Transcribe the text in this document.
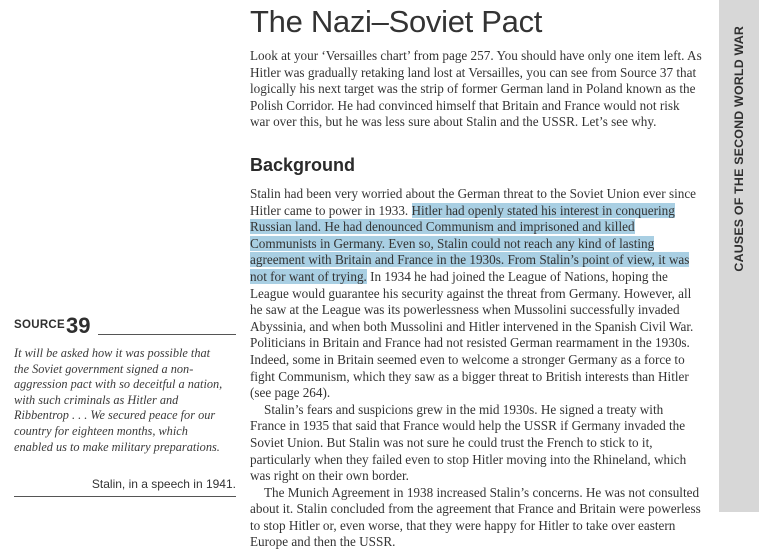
The Nazi–Soviet Pact
Look at your ‘Versailles chart’ from page 257. You should have only one item left. As Hitler was gradually retaking land lost at Versailles, you can see from Source 37 that logically his next target was the strip of former German land in Poland known as the Polish Corridor. He had convinced himself that Britain and France would not risk war over this, but he was less sure about Stalin and the USSR. Let’s see why.
Background

Stalin had been very worried about the German threat to the Soviet Union ever since Hitler came to power in 1933. Hitler had openly stated his interest in conquering Russian land. He had denounced Communism and imprisoned and killed Communists in Germany. Even so, Stalin could not reach any kind of lasting agreement with Britain and France in the 1930s. From Stalin’s point of view, it was not for want of trying. In 1934 he had joined the League of Nations, hoping the League would guarantee his security against the threat from Germany. However, all he saw at the League was its powerlessness when Mussolini successfully invaded Abyssinia, and when both Mussolini and Hitler intervened in the Spanish Civil War. Politicians in Britain and France had not resisted German rearmament in the 1930s. Indeed, some in Britain seemed even to welcome a stronger Germany as a force to fight Communism, which they saw as a bigger threat to British interests than Hitler (see page 264).

Stalin’s fears and suspicions grew in the mid 1930s. He signed a treaty with France in 1935 that said that France would help the USSR if Germany invaded the Soviet Union. But Stalin was not sure he could trust the French to stick to it, particularly when they failed even to stop Hitler moving into the Rhineland, which was right on their own border.

The Munich Agreement in 1938 increased Stalin’s concerns. He was not consulted about it. Stalin concluded from the agreement that France and Britain were powerless to stop Hitler or, even worse, that they were happy for Hitler to take over eastern Europe and then the USSR.

CAUSES OF THE SECOND WORLD WAR
SOURCE 39
It will be asked how it was possible that the Soviet government signed a non-aggression pact with so deceitful a nation, with such criminals as Hitler and Ribbentrop . . . We secured peace for our country for eighteen months, which enabled us to make military preparations.
Stalin, in a speech in 1941.
